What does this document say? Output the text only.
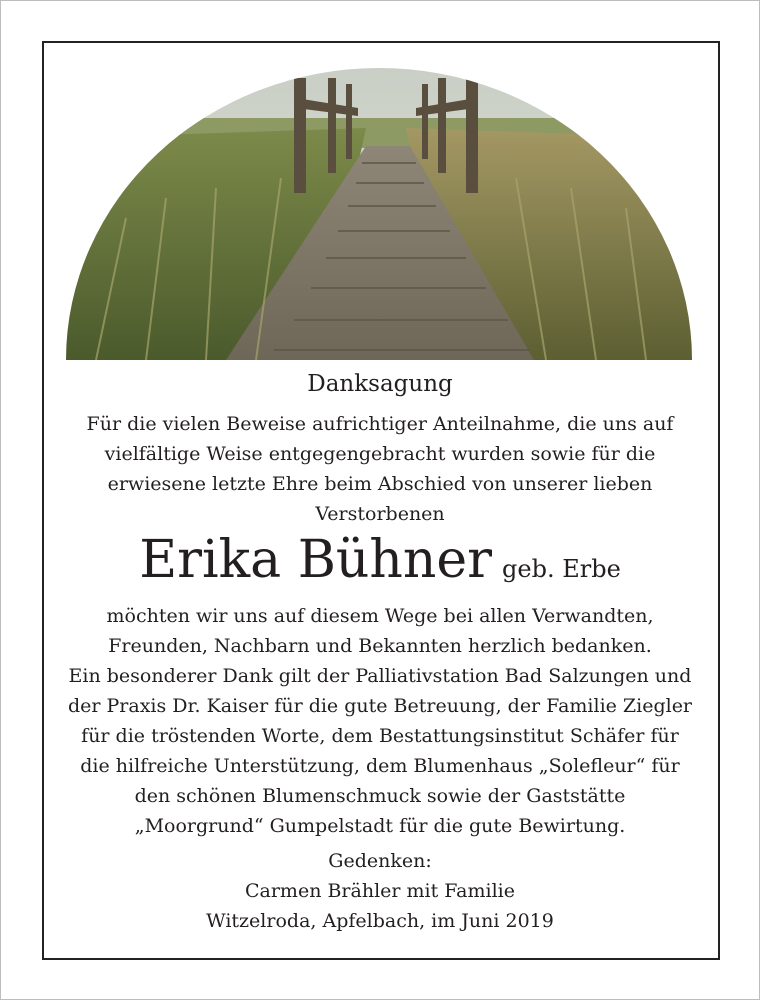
Danksagung

Für die vielen Beweise aufrichtiger Anteilnahme, die uns auf
vielfältige Weise entgegengebracht wurden sowie für die
erwiesene letzte Ehre beim Abschied von unserer lieben
Verstorbenen

Erika Bühner geb. Erbe

möchten wir uns auf diesem Wege bei allen Verwandten,
Freunden, Nachbarn und Bekannten herzlich bedanken.
Ein besonderer Dank gilt der Palliativstation Bad Salzungen und
der Praxis Dr. Kaiser für die gute Betreuung, der Familie Ziegler
für die tröstenden Worte, dem Bestattungsinstitut Schäfer für
die hilfreiche Unterstützung, dem Blumenhaus „Solefleur“ für
den schönen Blumenschmuck sowie der Gaststätte
„Moorgrund“ Gumpelstadt für die gute Bewirtung.

Gedenken:
Carmen Brähler mit Familie
Witzelroda, Apfelbach, im Juni 2019
